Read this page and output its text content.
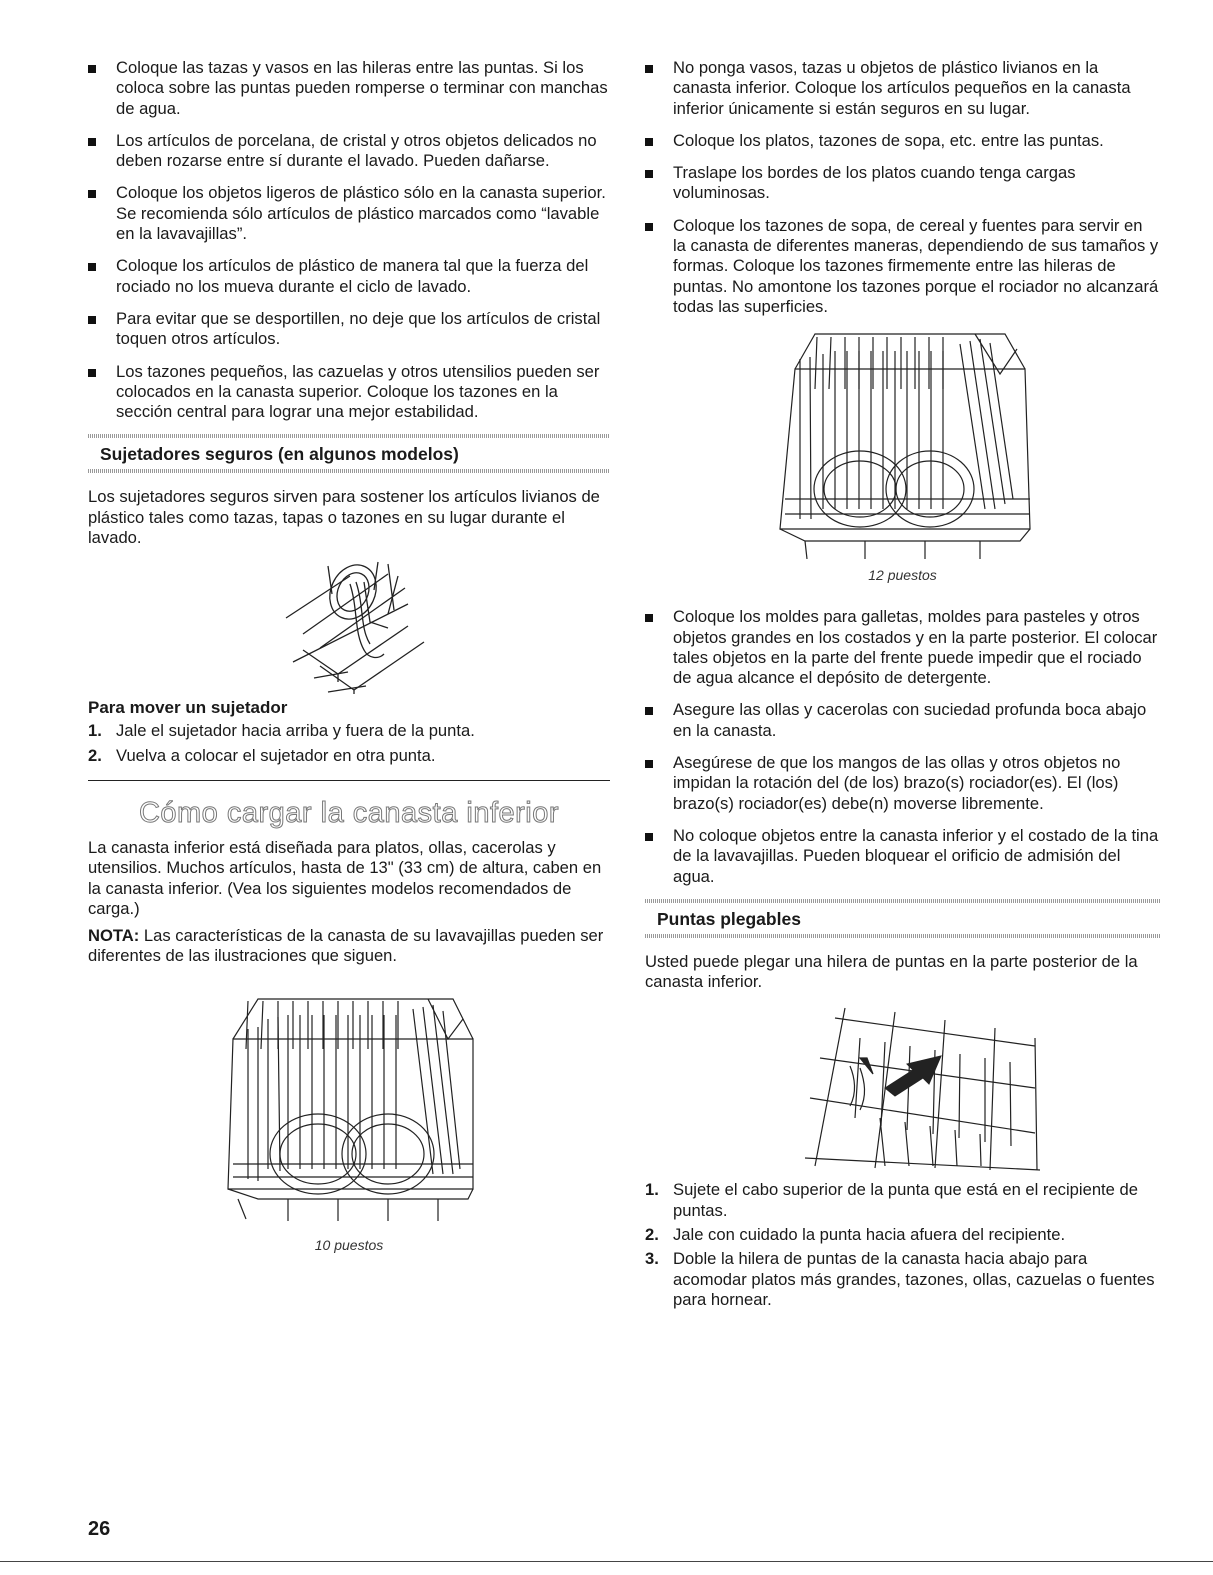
Coloque las tazas y vasos en las hileras entre las puntas. Si los coloca sobre las puntas pueden romperse o terminar con manchas de agua.
Los artículos de porcelana, de cristal y otros objetos delicados no deben rozarse entre sí durante el lavado. Pueden dañarse.
Coloque los objetos ligeros de plástico sólo en la canasta superior. Se recomienda sólo artículos de plástico marcados como “lavable en la lavavajillas”.
Coloque los artículos de plástico de manera tal que la fuerza del rociado no los mueva durante el ciclo de lavado.
Para evitar que se desportillen, no deje que los artículos de cristal toquen otros artículos.
Los tazones pequeños, las cazuelas y otros utensilios pueden ser colocados en la canasta superior. Coloque los tazones en la sección central para lograr una mejor estabilidad.
Sujetadores seguros (en algunos modelos)

Los sujetadores seguros sirven para sostener los artículos livianos de plástico tales como tazas, tapas o tazones en su lugar durante el lavado.

Para mover un sujetador
1. Jale el sujetador hacia arriba y fuera de la punta.
2. Vuelva a colocar el sujetador en otra punta.
Cómo cargar la canasta inferior

La canasta inferior está diseñada para platos, ollas, cacerolas y utensilios. Muchos artículos, hasta de 13" (33 cm) de altura, caben en la canasta inferior. (Vea los siguientes modelos recomendados de carga.)

NOTA: Las características de la canasta de su lavavajillas pueden ser diferentes de las ilustraciones que siguen.

10 puestos
No ponga vasos, tazas u objetos de plástico livianos en la canasta inferior. Coloque los artículos pequeños en la canasta inferior únicamente si están seguros en su lugar.
Coloque los platos, tazones de sopa, etc. entre las puntas.
Traslape los bordes de los platos cuando tenga cargas voluminosas.
Coloque los tazones de sopa, de cereal y fuentes para servir en la canasta de diferentes maneras, dependiendo de sus tamaños y formas. Coloque los tazones firmemente entre las hileras de puntas. No amontone los tazones porque el rociador no alcanzará todas las superficies.
12 puestos
Coloque los moldes para galletas, moldes para pasteles y otros objetos grandes en los costados y en la parte posterior. El colocar tales objetos en la parte del frente puede impedir que el rociado de agua alcance el depósito de detergente.
Asegure las ollas y cacerolas con suciedad profunda boca abajo en la canasta.
Asegúrese de que los mangos de las ollas y otros objetos no impidan la rotación del (de los) brazo(s) rociador(es). El (los) brazo(s) rociador(es) debe(n) moverse libremente.
No coloque objetos entre la canasta inferior y el costado de la tina de la lavavajillas. Pueden bloquear el orificio de admisión del agua.
Puntas plegables

Usted puede plegar una hilera de puntas en la parte posterior de la canasta inferior.

1. Sujete el cabo superior de la punta que está en el recipiente de puntas.
2. Jale con cuidado la punta hacia afuera del recipiente.
3. Doble la hilera de puntas de la canasta hacia abajo para acomodar platos más grandes, tazones, ollas, cazuelas o fuentes para hornear.
26
